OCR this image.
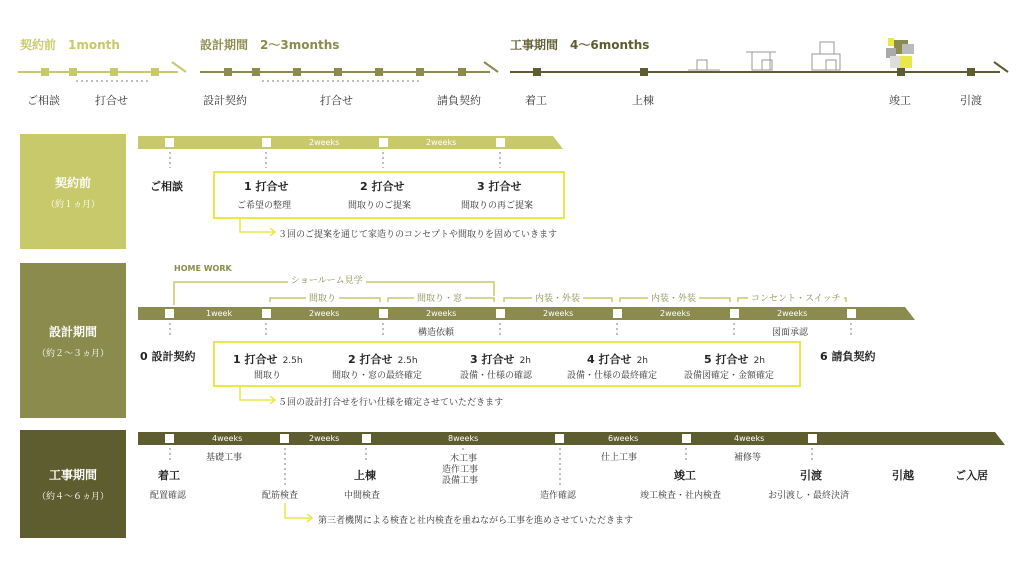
契約前　1month	設計期間　2〜3months	工事期間　4〜6months
ご相談	打合せ	設計契約	打合せ	請負契約	着工	上棟	竣工	引渡
契約前
（約１ヵ月）
2weeks	2weeks
ご相談	1 打合せ
ご希望の整理
2 打合せ
間取りのご提案
3 打合せ
間取りの再ご提案
３回のご提案を通じて家造りのコンセプトや間取りを固めていきます
設計期間
（約２〜３ヵ月）
HOME WORK
ショールーム見学
間取り	間取り・窓	内装・外装	内装・外装	コンセント・スイッチ
1week	2weeks	2weeks	2weeks	2weeks	2weeks
構造依頼	図面承認
0 設計契約	1 打合せ 2.5h
間取り
2 打合せ 2.5h
間取り・窓の最終確定
3 打合せ 2h
設備・仕様の確認
4 打合せ 2h
設備・仕様の最終確定
5 打合せ 2h
設備図確定・金額確定
6 請負契約
５回の設計打合せを行い仕様を確定させていただきます
工事期間
（約４〜６ヵ月）
4weeks	2weeks	8weeks	6weeks	4weeks
基礎工事	木工事
造作工事
設備工事
仕上工事	補修等
着工	上棟	竣工	引渡	引越	ご入居
配置確認	配筋検査	中間検査	造作確認	竣工検査・社内検査	お引渡し・最終決済
第三者機関による検査と社内検査を重ねながら工事を進めさせていただきます
